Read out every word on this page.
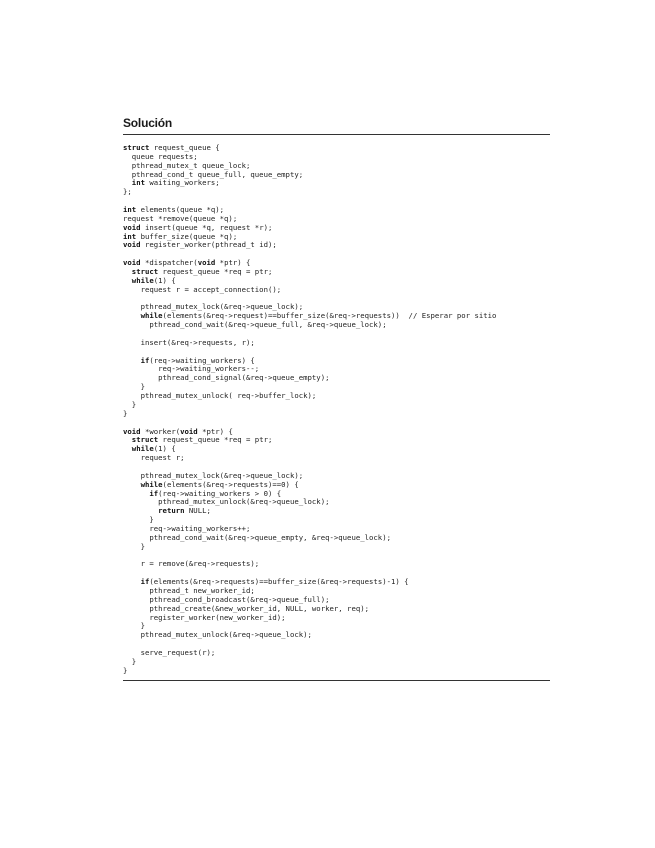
Solución
struct request_queue {
queue requests;
pthread_mutex_t queue_lock;
pthread_cond_t queue_full, queue_empty;
int waiting_workers;
};

int elements(queue *q);
request *remove(queue *q);
void insert(queue *q, request *r);
int buffer_size(queue *q);
void register_worker(pthread_t id);

void *dispatcher(void *ptr) {
struct request_queue *req = ptr;
while(1) {
request r = accept_connection();

pthread_mutex_lock(&req->queue_lock);
while(elements(&req->request)==buffer_size(&req->requests))  // Esperar por sitio
pthread_cond_wait(&req->queue_full, &req->queue_lock);

insert(&req->requests, r);

if(req->waiting_workers) {
req->waiting_workers--;
pthread_cond_signal(&req->queue_empty);
}
pthread_mutex_unlock( req->buffer_lock);
}
}

void *worker(void *ptr) {
struct request_queue *req = ptr;
while(1) {
request r;

pthread_mutex_lock(&req->queue_lock);
while(elements(&req->requests)==0) {
if(req->waiting_workers > 0) {
pthread_mutex_unlock(&req->queue_lock);
return NULL;
}
req->waiting_workers++;
pthread_cond_wait(&req->queue_empty, &req->queue_lock);
}

r = remove(&req->requests);

if(elements(&req->requests)==buffer_size(&req->requests)-1) {
pthread_t new_worker_id;
pthread_cond_broadcast(&req->queue_full);
pthread_create(&new_worker_id, NULL, worker, req);
register_worker(new_worker_id);
}
pthread_mutex_unlock(&req->queue_lock);

serve_request(r);
}
}
